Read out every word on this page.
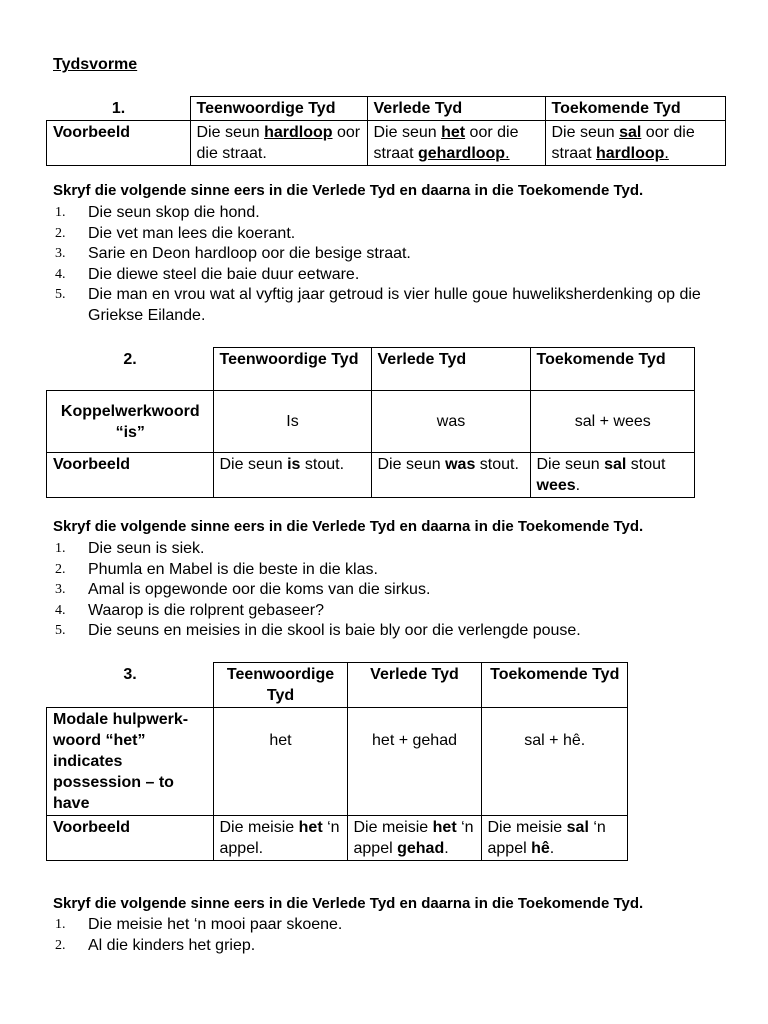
Tydsvorme
1.	Teenwoordige Tyd	Verlede Tyd	Toekomende Tyd
Voorbeeld	Die seun hardloop oor die straat.	Die seun het oor die straat gehardloop.	Die seun sal oor die straat hardloop.
Skryf die volgende sinne eers in die Verlede Tyd en daarna in die Toekomende Tyd.
1. Die seun skop die hond.
2. Die vet man lees die koerant.
3. Sarie en Deon hardloop oor die besige straat.
4. Die diewe steel die baie duur eetware.
5. Die man en vrou wat al vyftig jaar getroud is vier hulle goue huweliksherdenking op die Griekse Eilande.
2.	Teenwoordige Tyd	Verlede Tyd	Toekomende Tyd
Koppelwerkwoord “is”	Is	was	sal + wees
Voorbeeld	Die seun is stout.	Die seun was stout.	Die seun sal stout wees.
Skryf die volgende sinne eers in die Verlede Tyd en daarna in die Toekomende Tyd.
1. Die seun is siek.
2. Phumla en Mabel is die beste in die klas.
3. Amal is opgewonde oor die koms van die sirkus.
4. Waarop is die rolprent gebaseer?
5. Die seuns en meisies in die skool is baie bly oor die verlengde pouse.
3.	Teenwoordige Tyd	Verlede Tyd	Toekomende Tyd
Modale hulpwerk-woord “het” indicates possession – to have	het	het + gehad	sal + hê.
Voorbeeld	Die meisie het ‘n appel.	Die meisie het ‘n appel gehad.	Die meisie sal ‘n appel hê.
Skryf die volgende sinne eers in die Verlede Tyd en daarna in die Toekomende Tyd.
1. Die meisie het ‘n mooi paar skoene.
2. Al die kinders het griep.
